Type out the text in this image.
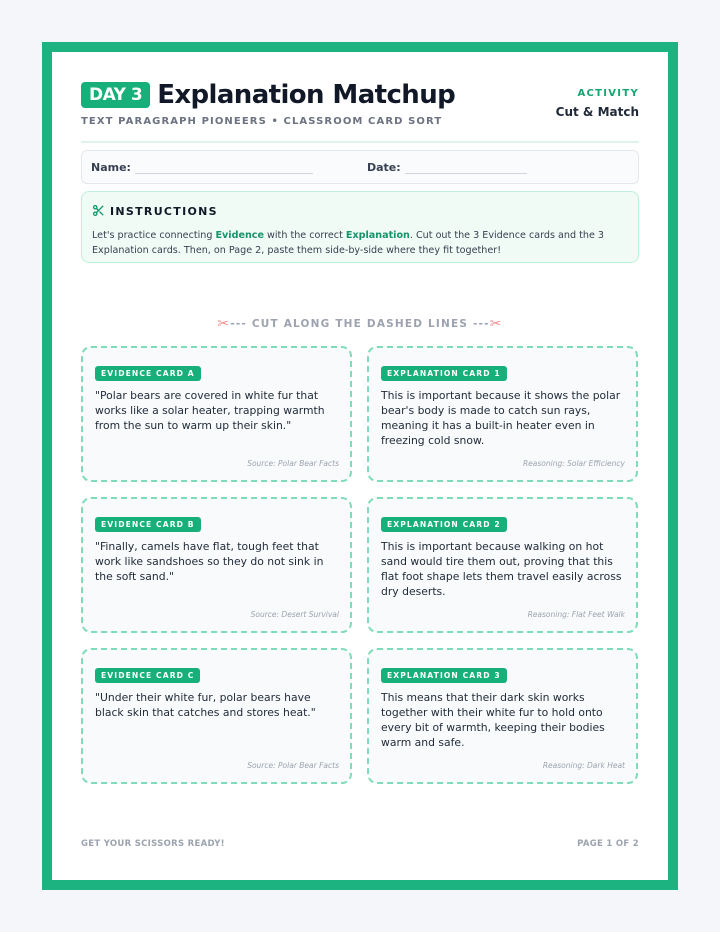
DAY 3 Explanation Matchup
TEXT PARAGRAPH PIONEERS • CLASSROOM CARD SORT
ACTIVITY
Cut & Match
Name:	Date:
INSTRUCTIONS
Let's practice connecting Evidence with the correct Explanation. Cut out the 3 Evidence cards and the 3 Explanation cards. Then, on Page 2, paste them side-by-side where they fit together!
✂ --- CUT ALONG THE DASHED LINES --- ✂
EVIDENCE CARD A
"Polar bears are covered in white fur that works like a solar heater, trapping warmth from the sun to warm up their skin."
Source: Polar Bear Facts
EXPLANATION CARD 1
This is important because it shows the polar bear's body is made to catch sun rays, meaning it has a built-in heater even in freezing cold snow.
Reasoning: Solar Efficiency
EVIDENCE CARD B
"Finally, camels have flat, tough feet that work like sandshoes so they do not sink in the soft sand."
Source: Desert Survival
EXPLANATION CARD 2
This is important because walking on hot sand would tire them out, proving that this flat foot shape lets them travel easily across dry deserts.
Reasoning: Flat Feet Walk
EVIDENCE CARD C
"Under their white fur, polar bears have black skin that catches and stores heat."
Source: Polar Bear Facts
EXPLANATION CARD 3
This means that their dark skin works together with their white fur to hold onto every bit of warmth, keeping their bodies warm and safe.
Reasoning: Dark Heat
GET YOUR SCISSORS READY!	PAGE 1 OF 2
